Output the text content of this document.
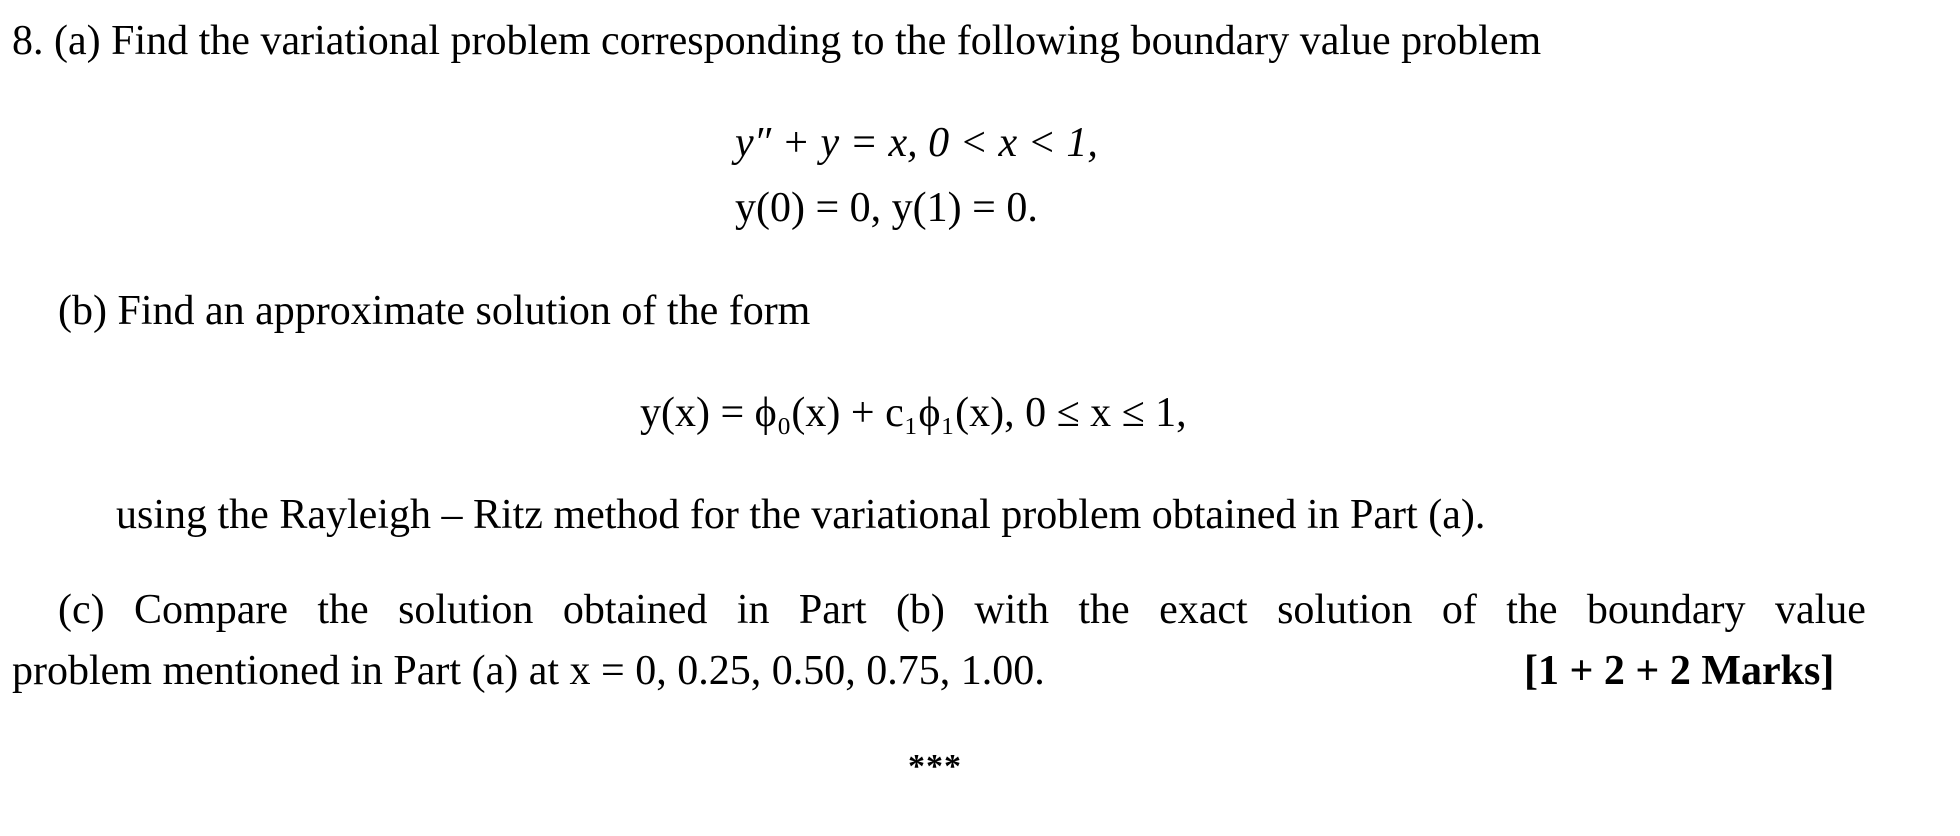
8. (a) Find the variational problem corresponding to the following boundary value problem
y″ + y = x, 0 < x < 1,
y(0) = 0, y(1) = 0.
(b) Find an approximate solution of the form
y(x) = ϕ₀(x) + c₁ϕ₁(x), 0 ≤ x ≤ 1,
using the Rayleigh – Ritz method for the variational problem obtained in Part (a).
(c) Compare the solution obtained in Part (b) with the exact solution of the boundary value
problem mentioned in Part (a) at x = 0, 0.25, 0.50, 0.75, 1.00.	[1 + 2 + 2 Marks]
***
